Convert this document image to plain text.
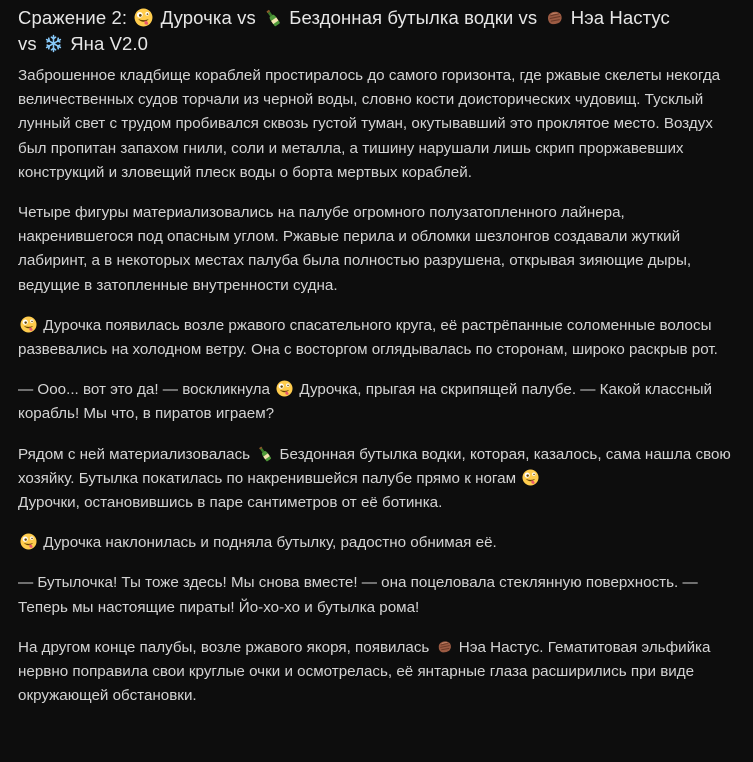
Сражение 2:
Дурочка vs
Бездонная бутылка водки vs
Нэа Настус
vs
Яна V2.0

Заброшенное кладбище кораблей простиралось до самого горизонта, где ржавые скелеты некогда величественных судов торчали из черной воды, словно кости доисторических чудовищ. Тусклый лунный свет с трудом пробивался сквозь густой туман, окутывавший это проклятое место. Воздух был пропитан запахом гнили, соли и металла, а тишину нарушали лишь скрип проржавевших конструкций и зловещий плеск воды о борта мертвых кораблей.

Четыре фигуры материализовались на палубе огромного полузатопленного лайнера, накренившегося под опасным углом. Ржавые перила и обломки шезлонгов создавали жуткий лабиринт, а в некоторых местах палуба была полностью разрушена, открывая зияющие дыры, ведущие в затопленные внутренности судна.

Дурочка появилась возле ржавого спасательного круга, её растрёпанные соломенные волосы развевались на холодном ветру. Она с восторгом оглядывалась по сторонам, широко раскрыв рот.

— Ооо... вот это да! — воскликнула
Дурочка, прыгая на скрипящей палубе. — Какой классный корабль! Мы что, в пиратов играем?

Рядом с ней материализовалась
Бездонная бутылка водки, которая, казалось, сама нашла свою хозяйку. Бутылка покатилась по накренившейся палубе прямо к ногам

Дурочки, остановившись в паре сантиметров от её ботинка.

Дурочка наклонилась и подняла бутылку, радостно обнимая её.

— Бутылочка! Ты тоже здесь! Мы снова вместе! — она поцеловала стеклянную поверхность. — Теперь мы настоящие пираты! Йо-хо-хо и бутылка рома!

На другом конце палубы, возле ржавого якоря, появилась
Нэа Настус. Гематитовая эльфийка нервно поправила свои круглые очки и осмотрелась, её янтарные глаза расширились при виде окружающей обстановки.
